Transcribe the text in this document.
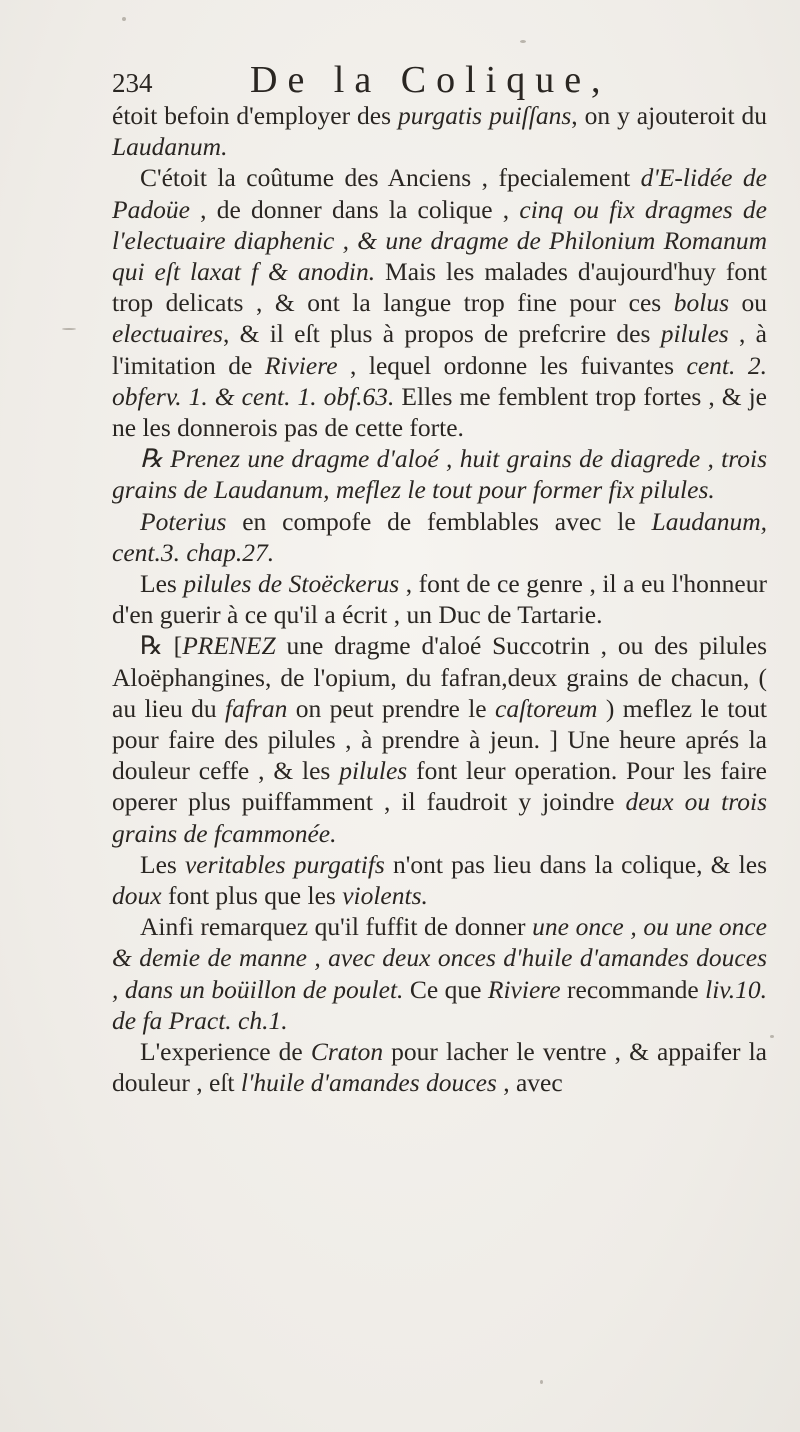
234	De la Colique,

étoit befoin d'employer des purgatis puiſſans, on y ajouteroit du Laudanum.

C'étoit la coûtume des Anciens , fpecialement d'E-lidée de Padoüe , de donner dans la colique , cinq ou fix dragmes de l'electuaire diaphenic , & une dragme de Philonium Romanum qui eſt laxat f & anodin. Mais les malades d'aujourd'huy font trop delicats , & ont la langue trop fine pour ces bolus ou electuaires, & il eſt plus à propos de prefcrire des pilules , à l'imitation de Riviere , lequel ordonne les fuivantes cent. 2. obferv. 1. & cent. 1. obf.63. Elles me femblent trop fortes , & je ne les donnerois pas de cette forte.

℞ Prenez une dragme d'aloé , huit grains de diagrede , trois grains de Laudanum, meflez le tout pour former fix pilules.

Poterius en compofe de femblables avec le Laudanum, cent.3. chap.27.

Les pilules de Stoëckerus , font de ce genre , il a eu l'honneur d'en guerir à ce qu'il a écrit , un Duc de Tartarie.

℞ [PRENEZ une dragme d'aloé Succotrin , ou des pilules Aloëphangines, de l'opium, du fafran,deux grains de chacun, ( au lieu du fafran on peut prendre le caſtoreum ) meflez le tout pour faire des pilules , à prendre à jeun. ] Une heure aprés la douleur ceffe , & les pilules font leur operation. Pour les faire operer plus puiffamment , il faudroit y joindre deux ou trois grains de fcammonée.

Les veritables purgatifs n'ont pas lieu dans la colique, & les doux font plus que les violents.

Ainfi remarquez qu'il fuffit de donner une once , ou une once & demie de manne , avec deux onces d'huile d'amandes douces , dans un boüillon de poulet. Ce que Riviere recommande liv.10. de fa Pract. ch.1.

L'experience de Craton pour lacher le ventre , & appaifer la douleur , eſt l'huile d'amandes douces , avec
